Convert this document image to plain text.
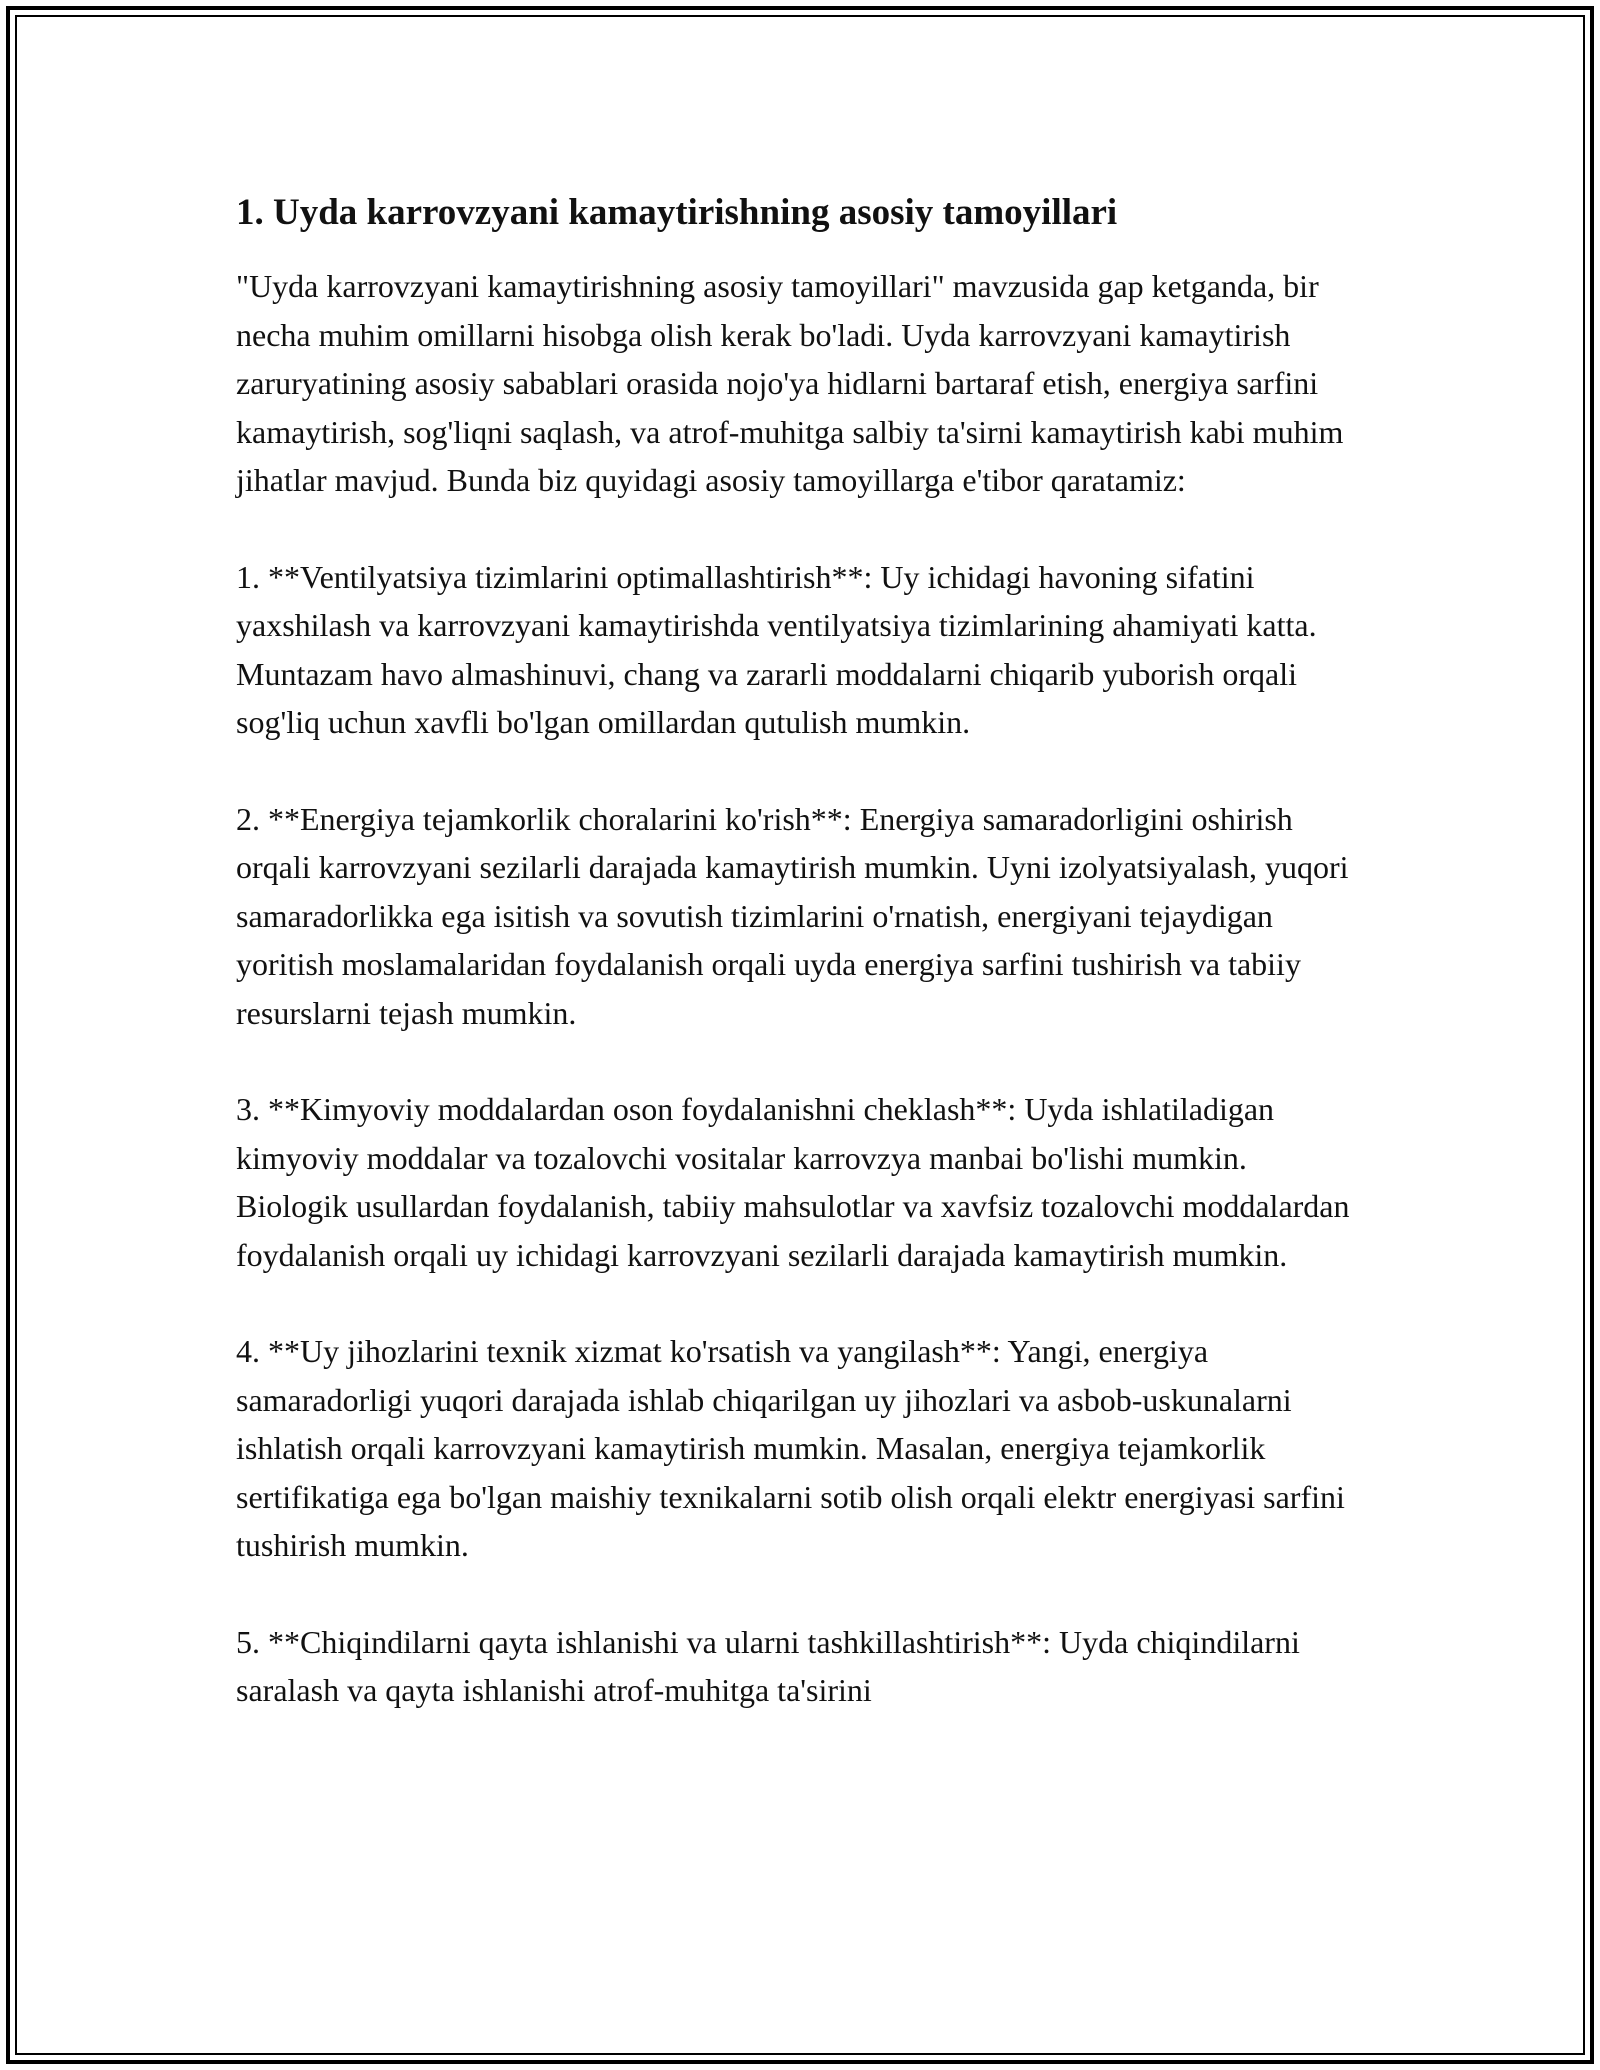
1. Uyda karrovzyani kamaytirishning asosiy tamoyillari

"Uyda karrovzyani kamaytirishning asosiy tamoyillari" mavzusida gap ketganda, bir necha muhim omillarni hisobga olish kerak bo'ladi. Uyda karrovzyani kamaytirish zaruryatining asosiy sabablari orasida nojo'ya hidlarni bartaraf etish, energiya sarfini kamaytirish, sog'liqni saqlash, va atrof-muhitga salbiy ta'sirni kamaytirish kabi muhim jihatlar mavjud. Bunda biz quyidagi asosiy tamoyillarga e'tibor qaratamiz:

1. **Ventilyatsiya tizimlarini optimallashtirish**: Uy ichidagi havoning sifatini yaxshilash va karrovzyani kamaytirishda ventilyatsiya tizimlarining ahamiyati katta. Muntazam havo almashinuvi, chang va zararli moddalarni chiqarib yuborish orqali sog'liq uchun xavfli bo'lgan omillardan qutulish mumkin.

2. **Energiya tejamkorlik choralarini ko'rish**: Energiya samaradorligini oshirish orqali karrovzyani sezilarli darajada kamaytirish mumkin. Uyni izolyatsiyalash, yuqori samaradorlikka ega isitish va sovutish tizimlarini o'rnatish, energiyani tejaydigan yoritish moslamalaridan foydalanish orqali uyda energiya sarfini tushirish va tabiiy resurslarni tejash mumkin.

3. **Kimyoviy moddalardan oson foydalanishni cheklash**: Uyda ishlatiladigan kimyoviy moddalar va tozalovchi vositalar karrovzya manbai bo'lishi mumkin. Biologik usullardan foydalanish, tabiiy mahsulotlar va xavfsiz tozalovchi moddalardan foydalanish orqali uy ichidagi karrovzyani sezilarli darajada kamaytirish mumkin.

4. **Uy jihozlarini texnik xizmat ko'rsatish va yangilash**: Yangi, energiya samaradorligi yuqori darajada ishlab chiqarilgan uy jihozlari va asbob-uskunalarni ishlatish orqali karrovzyani kamaytirish mumkin. Masalan, energiya tejamkorlik sertifikatiga ega bo'lgan maishiy texnikalarni sotib olish orqali elektr energiyasi sarfini tushirish mumkin.

5. **Chiqindilarni qayta ishlanishi va ularni tashkillashtirish**: Uyda chiqindilarni saralash va qayta ishlanishi atrof-muhitga ta'sirini
